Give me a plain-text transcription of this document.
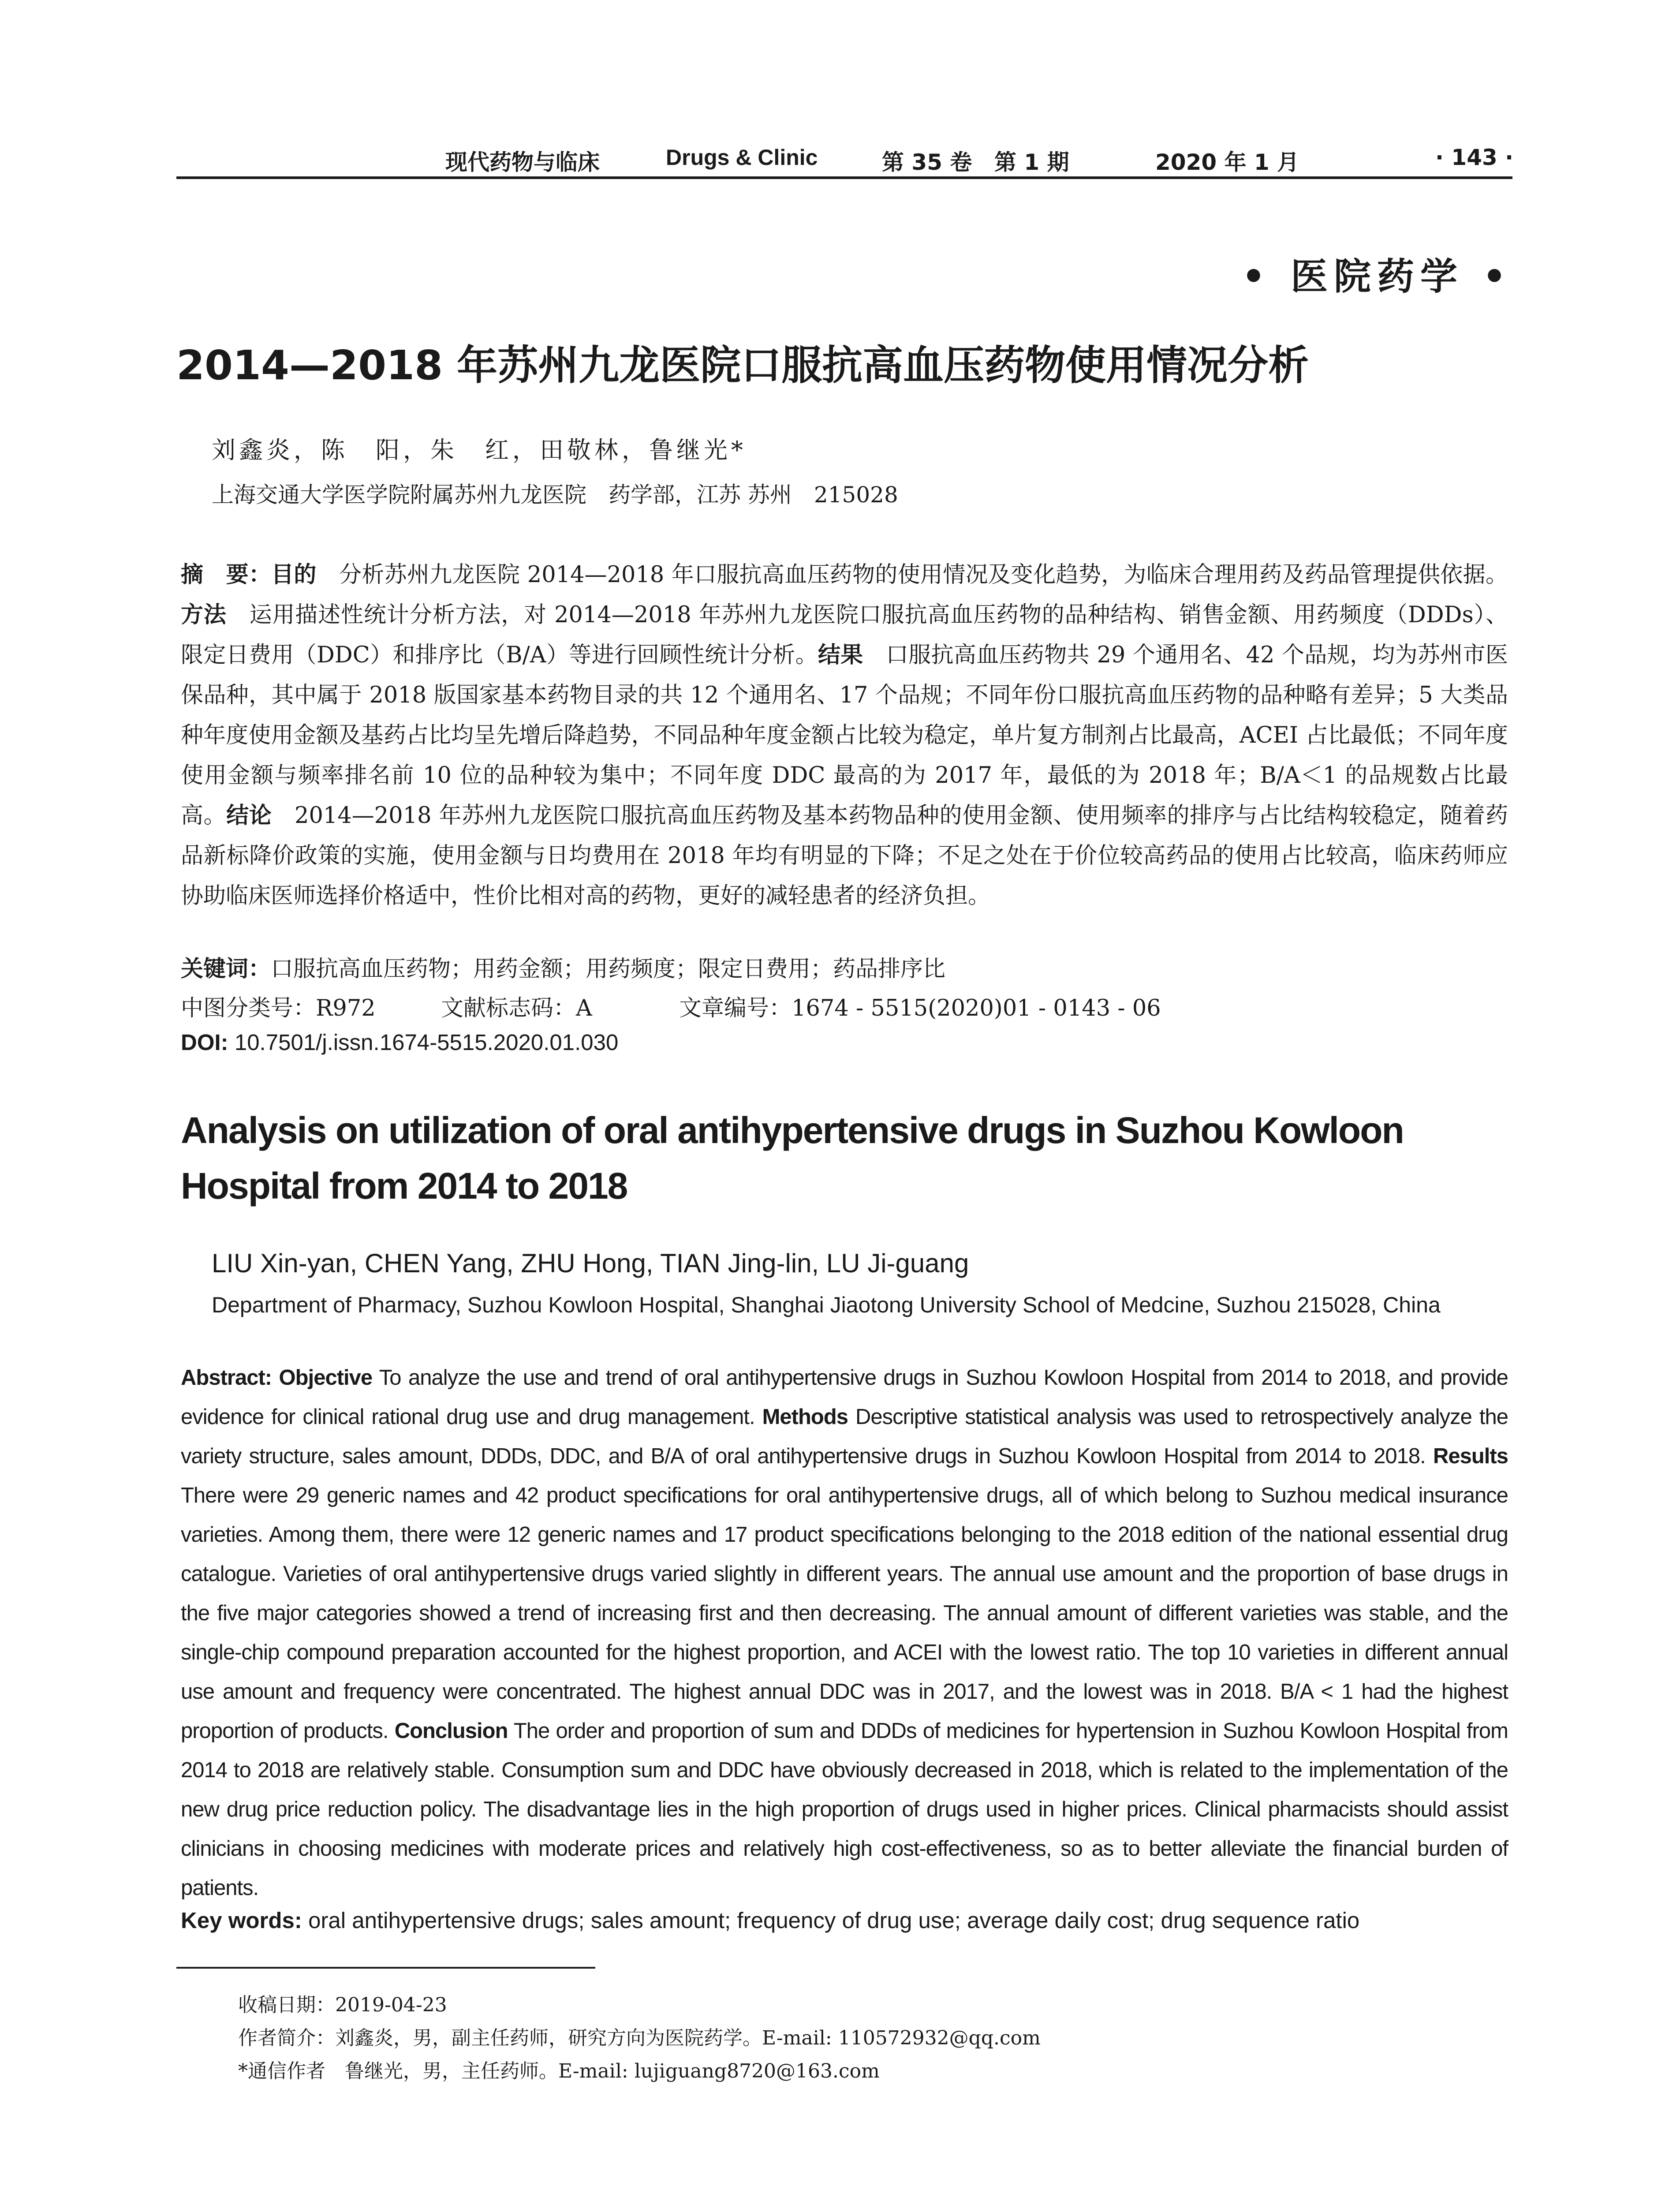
现代药物与临床	Drugs & Clinic	第 35 卷 第 1 期	2020 年 1 月	· 143 ·
• 医院药学 •
2014—2018 年苏州九龙医院口服抗高血压药物使用情况分析
刘鑫炎，陈　阳，朱　红，田敬林，鲁继光*
上海交通大学医学院附属苏州九龙医院　药学部，江苏 苏州　215028
摘　要：目的　分析苏州九龙医院 2014—2018 年口服抗高血压药物的使用情况及变化趋势，为临床合理用药及药品管理提供依据。方法　运用描述性统计分析方法，对 2014—2018 年苏州九龙医院口服抗高血压药物的品种结构、销售金额、用药频度（DDDs）、限定日费用（DDC）和排序比（B/A）等进行回顾性统计分析。结果　口服抗高血压药物共 29 个通用名、42 个品规，均为苏州市医保品种，其中属于 2018 版国家基本药物目录的共 12 个通用名、17 个品规；不同年份口服抗高血压药物的品种略有差异；5 大类品种年度使用金额及基药占比均呈先增后降趋势，不同品种年度金额占比较为稳定，单片复方制剂占比最高，ACEI 占比最低；不同年度使用金额与频率排名前 10 位的品种较为集中；不同年度 DDC 最高的为 2017 年，最低的为 2018 年；B/A＜1 的品规数占比最高。结论　2014—2018 年苏州九龙医院口服抗高血压药物及基本药物品种的使用金额、使用频率的排序与占比结构较稳定，随着药品新标降价政策的实施，使用金额与日均费用在 2018 年均有明显的下降；不足之处在于价位较高药品的使用占比较高，临床药师应协助临床医师选择价格适中，性价比相对高的药物，更好的减轻患者的经济负担。
关键词：口服抗高血压药物；用药金额；用药频度；限定日费用；药品排序比
中图分类号：R972	文献标志码：A	文章编号：1674 - 5515(2020)01 - 0143 - 06
DOI: 10.7501/j.issn.1674-5515.2020.01.030
Analysis on utilization of oral antihypertensive drugs in Suzhou Kowloon Hospital from 2014 to 2018
LIU Xin-yan, CHEN Yang, ZHU Hong, TIAN Jing-lin, LU Ji-guang
Department of Pharmacy, Suzhou Kowloon Hospital, Shanghai Jiaotong University School of Medcine, Suzhou 215028, China
Abstract: Objective To analyze the use and trend of oral antihypertensive drugs in Suzhou Kowloon Hospital from 2014 to 2018, and provide evidence for clinical rational drug use and drug management. Methods Descriptive statistical analysis was used to retrospectively analyze the variety structure, sales amount, DDDs, DDC, and B/A of oral antihypertensive drugs in Suzhou Kowloon Hospital from 2014 to 2018. Results There were 29 generic names and 42 product specifications for oral antihypertensive drugs, all of which belong to Suzhou medical insurance varieties. Among them, there were 12 generic names and 17 product specifications belonging to the 2018 edition of the national essential drug catalogue. Varieties of oral antihypertensive drugs varied slightly in different years. The annual use amount and the proportion of base drugs in the five major categories showed a trend of increasing first and then decreasing. The annual amount of different varieties was stable, and the single-chip compound preparation accounted for the highest proportion, and ACEI with the lowest ratio. The top 10 varieties in different annual use amount and frequency were concentrated. The highest annual DDC was in 2017, and the lowest was in 2018. B/A < 1 had the highest proportion of products. Conclusion The order and proportion of sum and DDDs of medicines for hypertension in Suzhou Kowloon Hospital from 2014 to 2018 are relatively stable. Consumption sum and DDC have obviously decreased in 2018, which is related to the implementation of the new drug price reduction policy. The disadvantage lies in the high proportion of drugs used in higher prices. Clinical pharmacists should assist clinicians in choosing medicines with moderate prices and relatively high cost-effectiveness, so as to better alleviate the financial burden of patients.
Key words: oral antihypertensive drugs; sales amount; frequency of drug use; average daily cost; drug sequence ratio
收稿日期：2019-04-23
作者简介：刘鑫炎，男，副主任药师，研究方向为医院药学。E-mail: 110572932@qq.com
*通信作者　鲁继光，男，主任药师。E-mail: lujiguang8720@163.com
